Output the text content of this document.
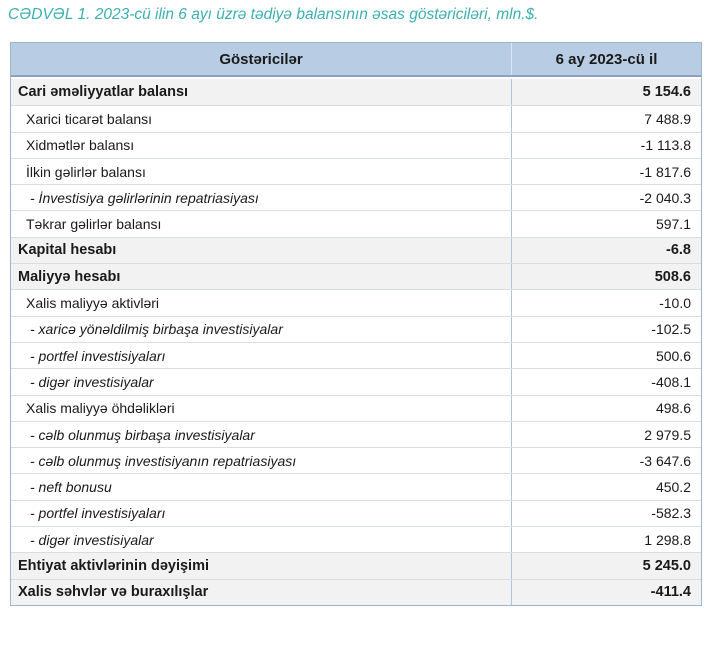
CƏDVƏL 1. 2023-cü ilin 6 ayı üzrə tədiyə balansının əsas göstəriciləri, mln.$.
Göstəricilər	6 ay 2023-cü il
Cari əməliyyatlar balansı	5 154.6
Xarici ticarət balansı	7 488.9
Xidmətlər balansı	-1 113.8
İlkin gəlirlər balansı	-1 817.6
- İnvestisiya gəlirlərinin repatriasiyası	-2 040.3
Təkrar gəlirlər balansı	597.1
Kapital hesabı	-6.8
Maliyyə hesabı	508.6
Xalis maliyyə aktivləri	-10.0
- xaricə yönəldilmiş birbaşa investisiyalar	-102.5
- portfel investisiyaları	500.6
- digər investisiyalar	-408.1
Xalis maliyyə öhdəlikləri	498.6
- cəlb olunmuş birbaşa investisiyalar	2 979.5
- cəlb olunmuş investisiyanın repatriasiyası	-3 647.6
- neft bonusu	450.2
- portfel investisiyaları	-582.3
- digər investisiyalar	1 298.8
Ehtiyat aktivlərinin dəyişimi	5 245.0
Xalis səhvlər və buraxılışlar	-411.4
